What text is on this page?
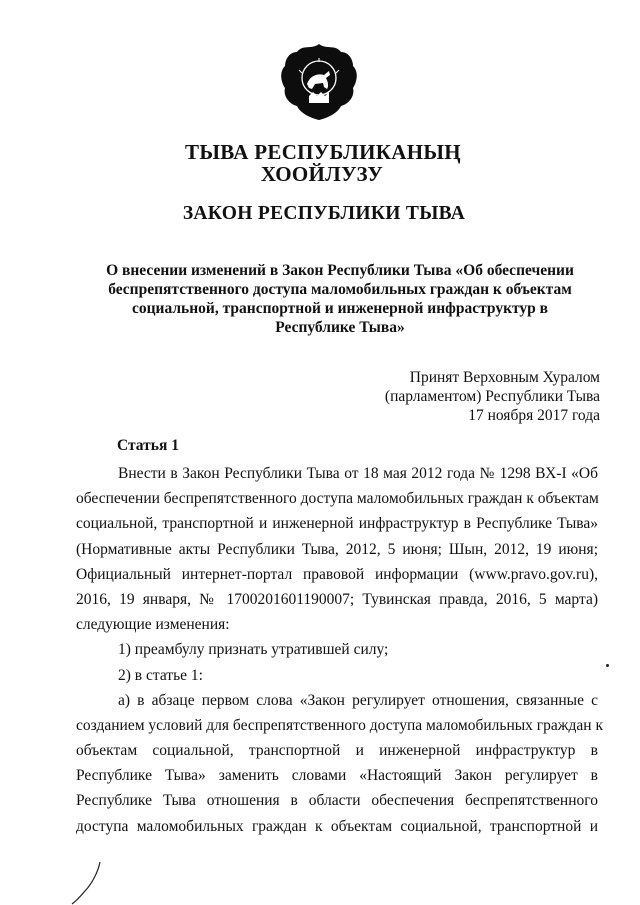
ТЫВА РЕСПУБЛИКАНЫҢ
ХООЙЛУЗУ
ЗАКОН РЕСПУБЛИКИ ТЫВА
О внесении изменений в Закон Республики Тыва «Об обеспечении
беспрепятственного доступа маломобильных граждан к объектам
социальной, транспортной и инженерной инфраструктур в
Республике Тыва»
Принят Верховным Хуралом
(парламентом) Республики Тыва
17 ноября 2017 года
Статья 1
Внести в Закон Республики Тыва от 18 мая 2012 года № 1298 ВХ-I «Об
обеспечении беспрепятственного доступа маломобильных граждан к объектам
социальной, транспортной и инженерной инфраструктур в Республике Тыва»
(Нормативные акты Республики Тыва, 2012, 5 июня; Шын, 2012, 19 июня;
Официальный интернет-портал правовой информации (www.pravo.gov.ru),
2016, 19 января, № 1700201601190007; Тувинская правда, 2016, 5 марта)
следующие изменения:
1) преамбулу признать утратившей силу;
2) в статье 1:
а) в абзаце первом слова «Закон регулирует отношения, связанные с
созданием условий для беспрепятственного доступа маломобильных граждан к
объектам социальной, транспортной и инженерной инфраструктур в
Республике Тыва» заменить словами «Настоящий Закон регулирует в
Республике Тыва отношения в области обеспечения беспрепятственного
доступа маломобильных граждан к объектам социальной, транспортной и
